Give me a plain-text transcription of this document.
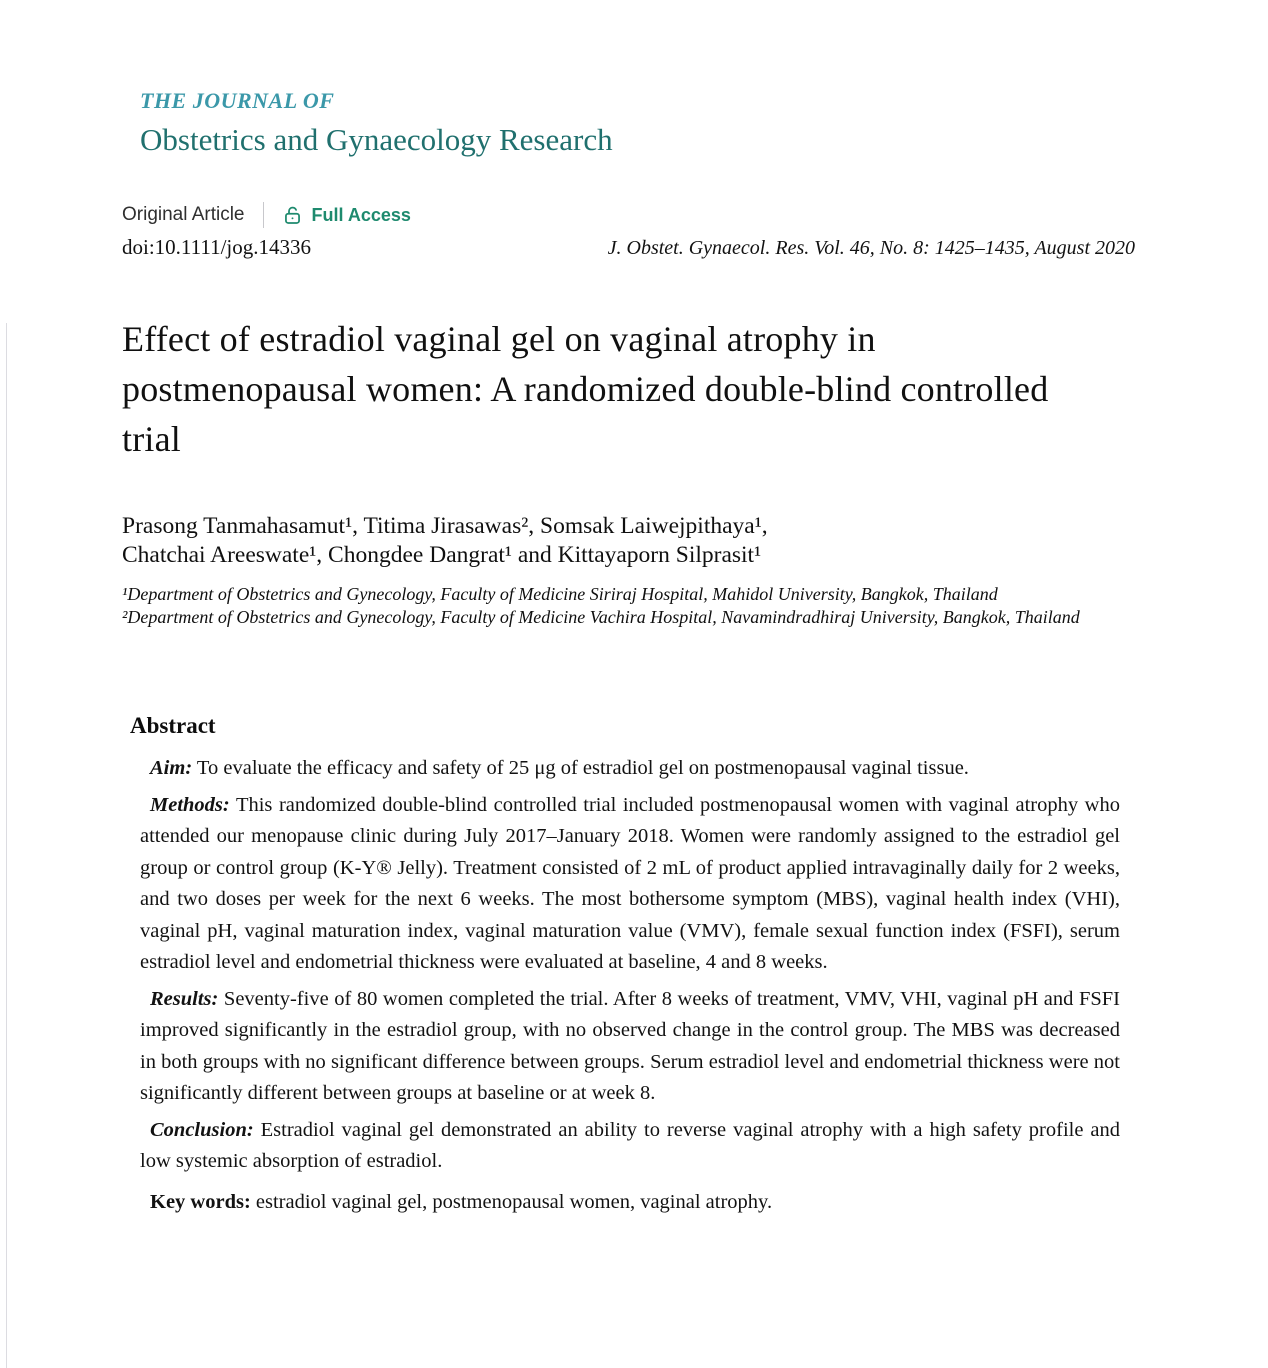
THE JOURNAL OF
Obstetrics and Gynaecology Research
Original Article	Full Access
doi:10.1111/jog.14336	J. Obstet. Gynaecol. Res. Vol. 46, No. 8: 1425–1435, August 2020
Effect of estradiol vaginal gel on vaginal atrophy in postmenopausal women: A randomized double-blind controlled trial
Prasong Tanmahasamut¹, Titima Jirasawas², Somsak Laiwejpithaya¹,
Chatchai Areeswate¹, Chongdee Dangrat¹ and Kittayaporn Silprasit¹
¹Department of Obstetrics and Gynecology, Faculty of Medicine Siriraj Hospital, Mahidol University, Bangkok, Thailand
²Department of Obstetrics and Gynecology, Faculty of Medicine Vachira Hospital, Navamindradhiraj University, Bangkok, Thailand
Abstract

Aim: To evaluate the efficacy and safety of 25 μg of estradiol gel on postmenopausal vaginal tissue.

Methods: This randomized double-blind controlled trial included postmenopausal women with vaginal atrophy who attended our menopause clinic during July 2017–January 2018. Women were randomly assigned to the estradiol gel group or control group (K-Y® Jelly). Treatment consisted of 2 mL of product applied intravaginally daily for 2 weeks, and two doses per week for the next 6 weeks. The most bothersome symptom (MBS), vaginal health index (VHI), vaginal pH, vaginal maturation index, vaginal maturation value (VMV), female sexual function index (FSFI), serum estradiol level and endometrial thickness were evaluated at baseline, 4 and 8 weeks.

Results: Seventy-five of 80 women completed the trial. After 8 weeks of treatment, VMV, VHI, vaginal pH and FSFI improved significantly in the estradiol group, with no observed change in the control group. The MBS was decreased in both groups with no significant difference between groups. Serum estradiol level and endometrial thickness were not significantly different between groups at baseline or at week 8.

Conclusion: Estradiol vaginal gel demonstrated an ability to reverse vaginal atrophy with a high safety profile and low systemic absorption of estradiol.

Key words: estradiol vaginal gel, postmenopausal women, vaginal atrophy.
